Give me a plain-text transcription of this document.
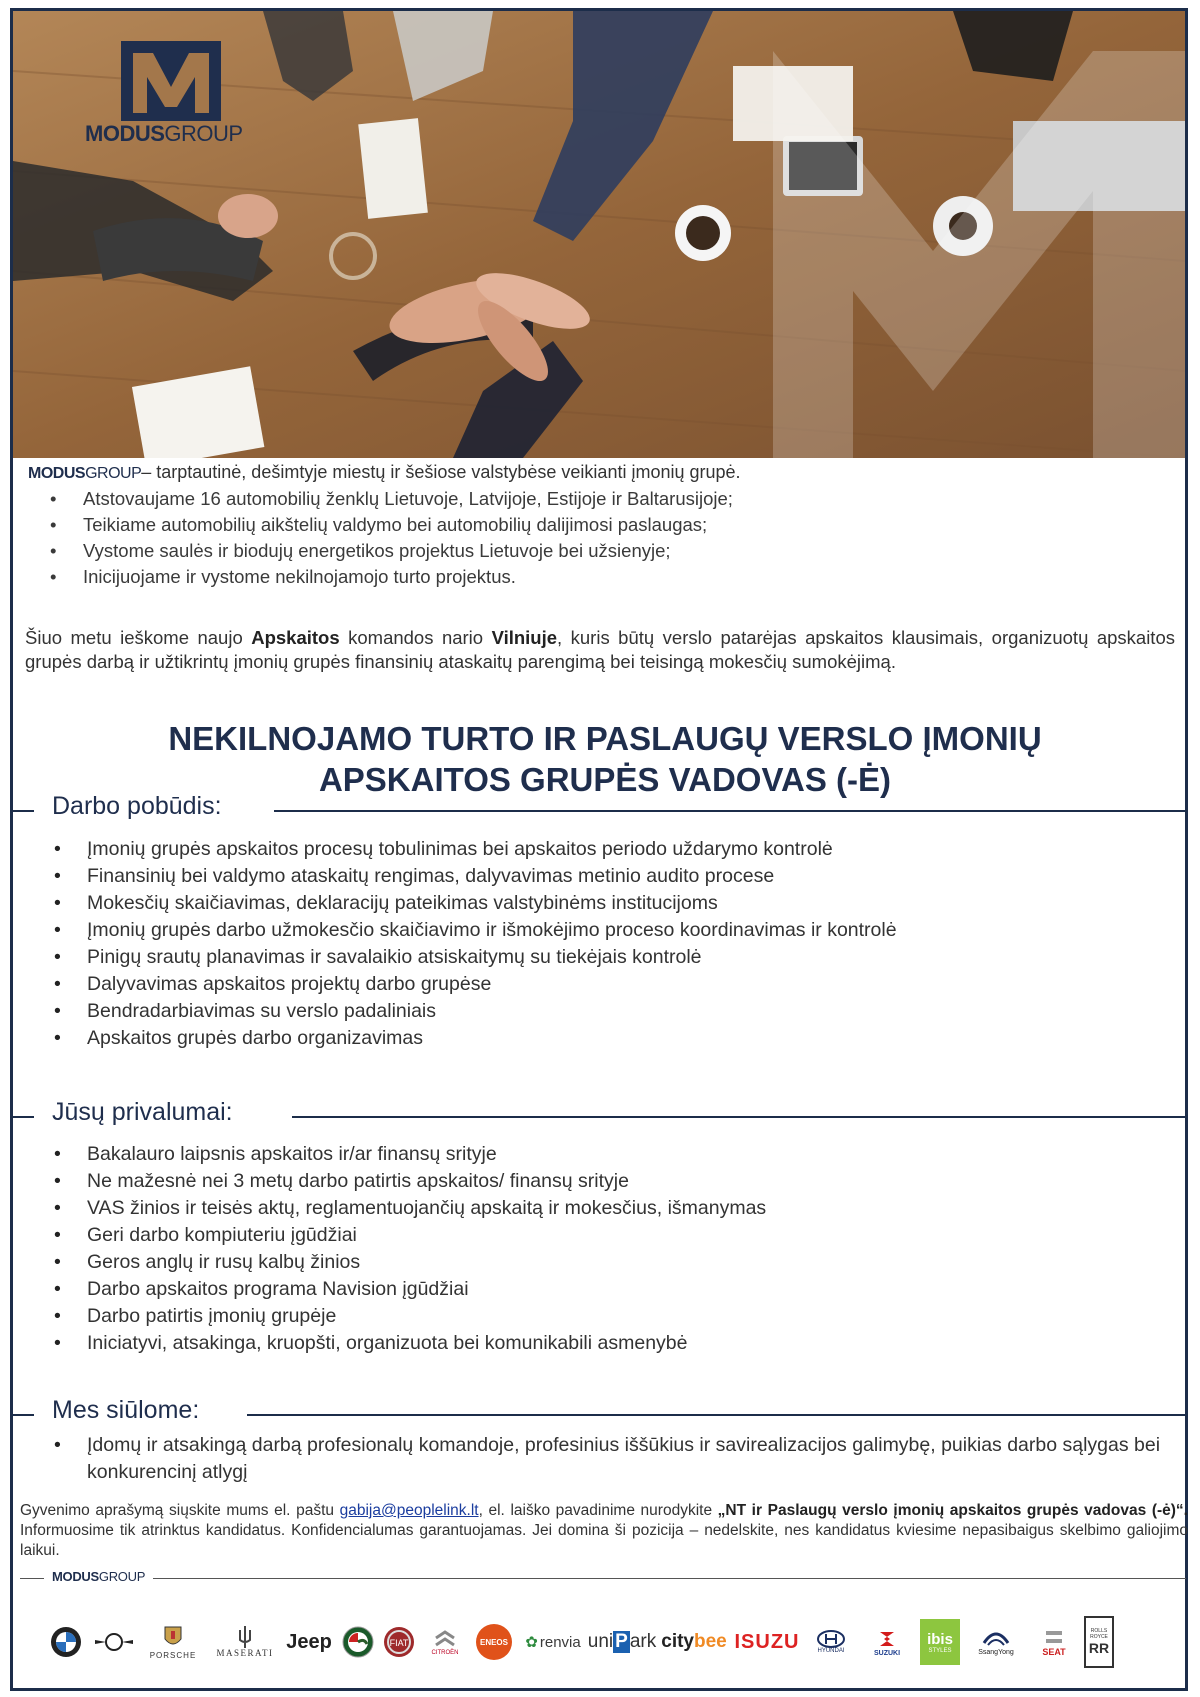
MODUSGROUP
MODUSGROUP– tarptautinė, dešimtyje miestų ir šešiose valstybėse veikianti įmonių grupė.
• Atstovaujame 16 automobilių ženklų Lietuvoje, Latvijoje, Estijoje ir Baltarusijoje;
• Teikiame automobilių aikštelių valdymo bei automobilių dalijimosi paslaugas;
• Vystome saulės ir biodujų energetikos projektus Lietuvoje bei užsienyje;
• Inicijuojame ir vystome nekilnojamojo turto projektus.
Šiuo metu ieškome naujo Apskaitos komandos nario Vilniuje, kuris būtų verslo patarėjas apskaitos klausimais, organizuotų apskaitos grupės darbą ir užtikrintų įmonių grupės finansinių ataskaitų parengimą bei teisingą mokesčių sumokėjimą.
NEKILNOJAMO TURTO IR PASLAUGŲ VERSLO ĮMONIŲ
APSKAITOS GRUPĖS VADOVAS (-Ė)
Darbo pobūdis:
• Įmonių grupės apskaitos procesų tobulinimas bei apskaitos periodo uždarymo kontrolė
• Finansinių bei valdymo ataskaitų rengimas, dalyvavimas metinio audito procese
• Mokesčių skaičiavimas, deklaracijų pateikimas valstybinėms institucijoms
• Įmonių grupės darbo užmokesčio skaičiavimo ir išmokėjimo proceso koordinavimas ir kontrolė
• Pinigų srautų planavimas ir savalaikio atsiskaitymų su tiekėjais kontrolė
• Dalyvavimas apskaitos projektų darbo grupėse
• Bendradarbiavimas su verslo padaliniais
• Apskaitos grupės darbo organizavimas
Jūsų privalumai:
• Bakalauro laipsnis apskaitos ir/ar finansų srityje
• Ne mažesnė nei 3 metų darbo patirtis apskaitos/ finansų srityje
• VAS žinios ir teisės aktų, reglamentuojančių apskaitą ir mokesčius, išmanymas
• Geri darbo kompiuteriu įgūdžiai
• Geros anglų ir rusų kalbų žinios
• Darbo apskaitos programa Navision įgūdžiai
• Darbo patirtis įmonių grupėje
• Iniciatyvi, atsakinga, kruopšti, organizuota bei komunikabili asmenybė
Mes siūlome:
• Įdomų ir atsakingą darbą profesionalų komandoje, profesinius iššūkius ir savirealizacijos galimybę, puikias darbo sąlygas bei konkurencinį atlygį
Gyvenimo aprašymą siųskite mums el. paštu gabija@peoplelink.lt, el. laiško pavadinime nurodykite „NT ir Paslaugų verslo įmonių apskaitos grupės vadovas (-ė)“. Informuosime tik atrinktus kandidatus. Konfidencialumas garantuojamas. Jei domina ši pozicija – nedelskite, nes kandidatus kviesime nepasibaigus skelbimo galiojimo laikui.
MODUSGROUP
PORSCHE MASERATI
Jeep	FIAT
CITROËN
ENEOS ✿ renvia uni P ark city bee ISUZU	HYUNDAI	SUZUKI
ibis
STYLES	SsangYong	SEAT
ROLLS ROYCE
RR
